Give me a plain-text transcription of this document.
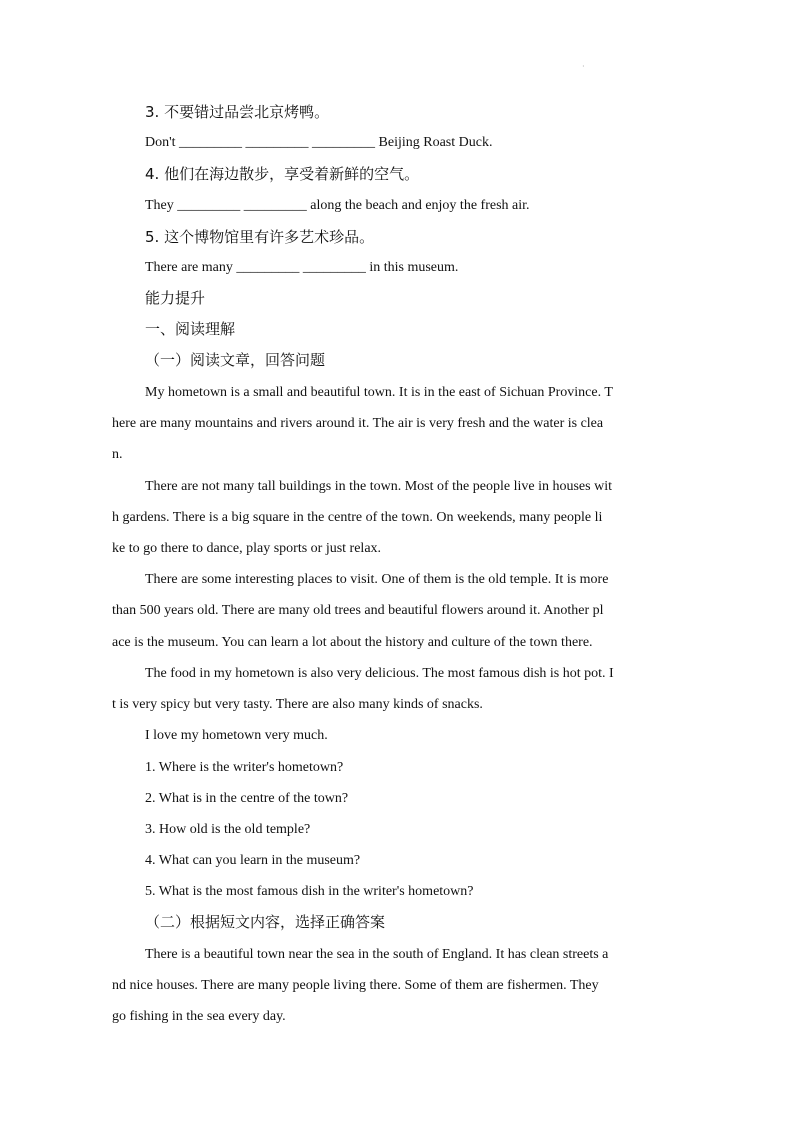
·
3. 不要错过品尝北京烤鸭。
Don't _________ _________ _________ Beijing Roast Duck.
4. 他们在海边散步，享受着新鲜的空气。
They _________ _________ along the beach and enjoy the fresh air.
5. 这个博物馆里有许多艺术珍品。
There are many _________ _________ in this museum.
能力提升
一、阅读理解
（一）阅读文章，回答问题
My hometown is a small and beautiful town. It is in the east of Sichuan Province. T
here are many mountains and rivers around it. The air is very fresh and the water is clea
n.
There are not many tall buildings in the town. Most of the people live in houses wit
h gardens. There is a big square in the centre of the town. On weekends, many people li
ke to go there to dance, play sports or just relax.
There are some interesting places to visit. One of them is the old temple. It is more
than 500 years old. There are many old trees and beautiful flowers around it. Another pl
ace is the museum. You can learn a lot about the history and culture of the town there.
The food in my hometown is also very delicious. The most famous dish is hot pot. I
t is very spicy but very tasty. There are also many kinds of snacks.
I love my hometown very much.
1. Where is the writer's hometown?
2. What is in the centre of the town?
3. How old is the old temple?
4. What can you learn in the museum?
5. What is the most famous dish in the writer's hometown?
（二）根据短文内容，选择正确答案
There is a beautiful town near the sea in the south of England. It has clean streets a
nd nice houses. There are many people living there. Some of them are fishermen. They
go fishing in the sea every day.
